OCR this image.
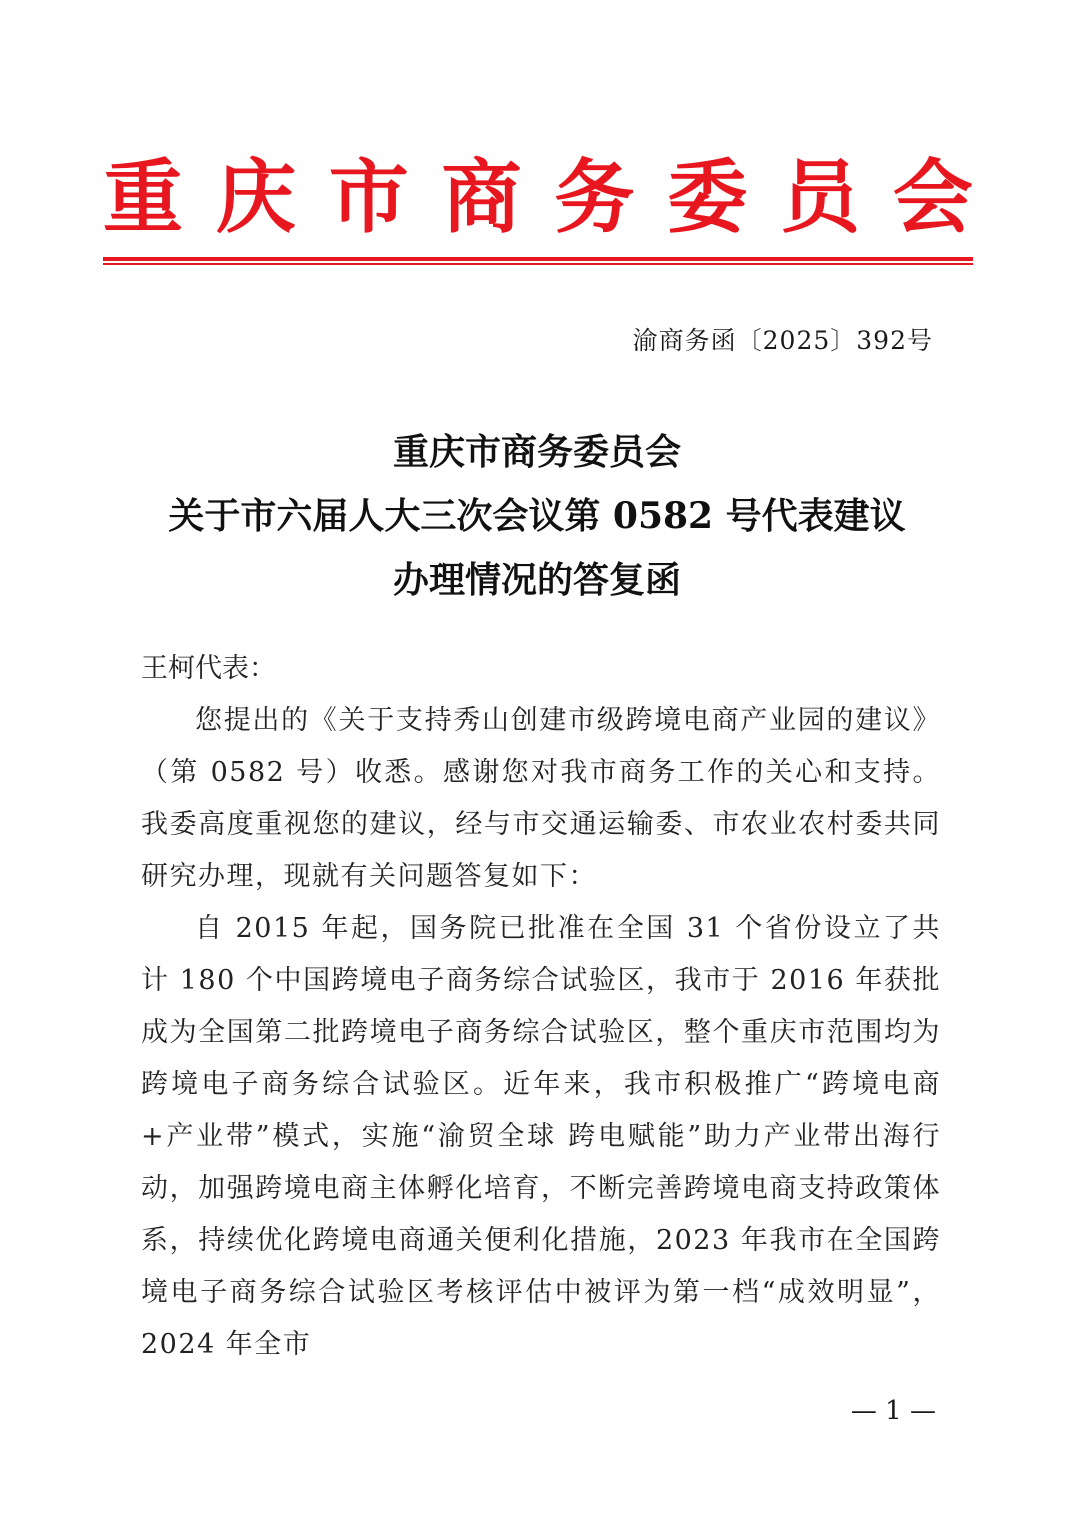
重 庆 市 商 务 委 员 会
渝商务函〔2025〕392号
重庆市商务委员会
关于市六届人大三次会议第 0582 号代表建议
办理情况的答复函

王柯代表：

您提出的《关于支持秀山创建市级跨境电商产业园的建议》（第 0582 号）收悉。感谢您对我市商务工作的关心和支持。我委高度重视您的建议，经与市交通运输委、市农业农村委共同研究办理，现就有关问题答复如下：

自 2015 年起，国务院已批准在全国 31 个省份设立了共计 180 个中国跨境电子商务综合试验区，我市于 2016 年获批成为全国第二批跨境电子商务综合试验区，整个重庆市范围均为跨境电子商务综合试验区。近年来，我市积极推广“跨境电商+产业带”模式，实施“渝贸全球 跨电赋能”助力产业带出海行动，加强跨境电商主体孵化培育，不断完善跨境电商支持政策体系，持续优化跨境电商通关便利化措施，2023 年我市在全国跨境电子商务综合试验区考核评估中被评为第一档“成效明显”， 2024 年全市

— 1 —
